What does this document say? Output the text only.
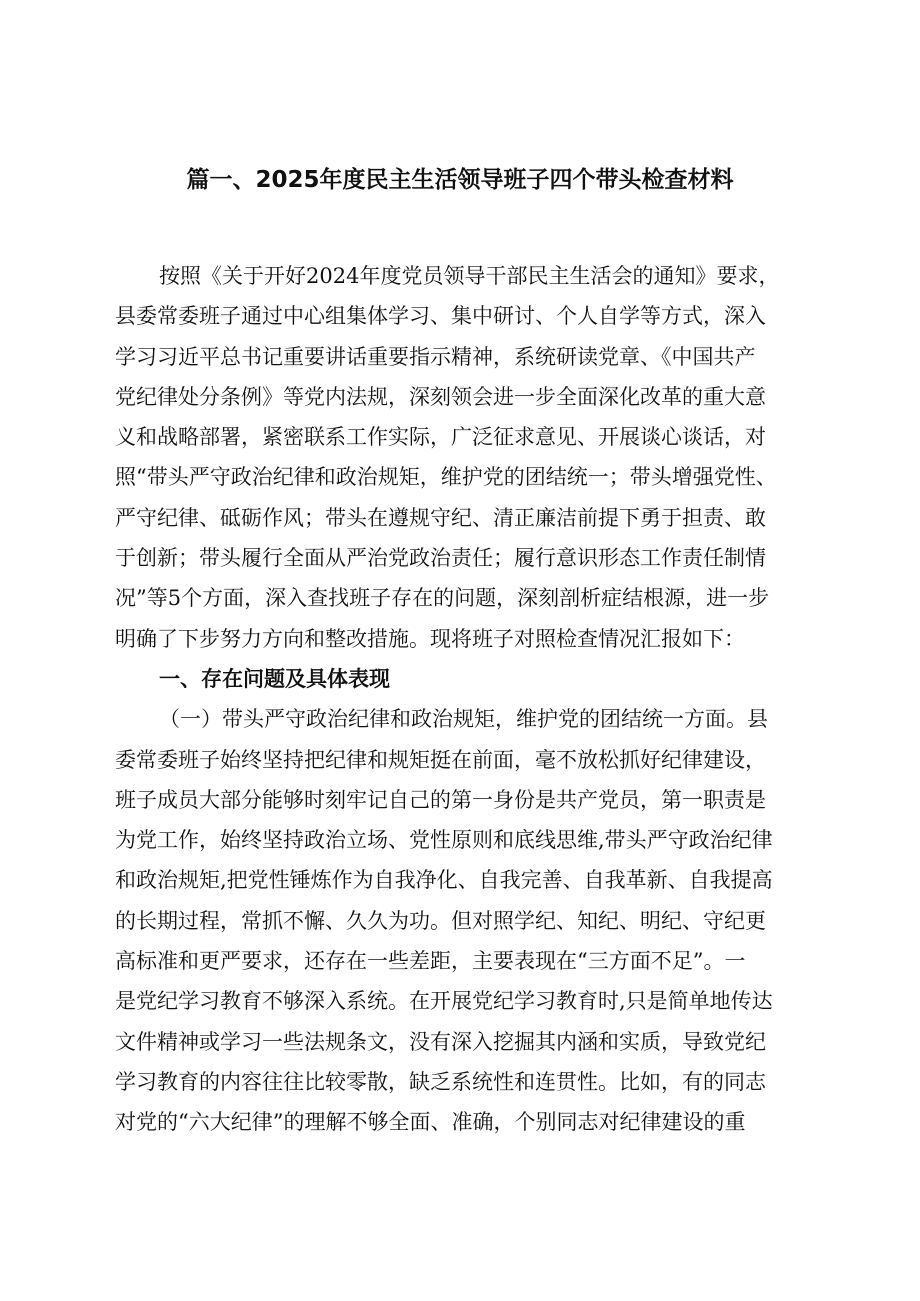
篇一、2025年度民主生活领导班子四个带头检查材料
按照《关于开好2024年度党员领导干部民主生活会的通知》要求，
县委常委班子通过中心组集体学习、集中研讨、个人自学等方式，深入
学习习近平总书记重要讲话重要指示精神，系统研读党章、《中国共产
党纪律处分条例》等党内法规，深刻领会进一步全面深化改革的重大意
义和战略部署，紧密联系工作实际，广泛征求意见、开展谈心谈话，对
照“带头严守政治纪律和政治规矩，维护党的团结统一；带头增强党性、
严守纪律、砥砺作风；带头在遵规守纪、清正廉洁前提下勇于担责、敢
于创新；带头履行全面从严治党政治责任；履行意识形态工作责任制情
况”等5个方面，深入查找班子存在的问题，深刻剖析症结根源，进一步
明确了下步努力方向和整改措施。现将班子对照检查情况汇报如下：
一、存在问题及具体表现
（一）带头严守政治纪律和政治规矩，维护党的团结统一方面。县
委常委班子始终坚持把纪律和规矩挺在前面，毫不放松抓好纪律建设，
班子成员大部分能够时刻牢记自己的第一身份是共产党员，第一职责是
为党工作，始终坚持政治立场、党性原则和底线思维,带头严守政治纪律
和政治规矩,把党性锤炼作为自我净化、自我完善、自我革新、自我提高
的长期过程，常抓不懈、久久为功。但对照学纪、知纪、明纪、守纪更
高标准和更严要求，还存在一些差距，主要表现在“三方面不足”。一
是党纪学习教育不够深入系统。在开展党纪学习教育时,只是简单地传达
文件精神或学习一些法规条文，没有深入挖掘其内涵和实质，导致党纪
学习教育的内容往往比较零散，缺乏系统性和连贯性。比如，有的同志
对党的“六大纪律”的理解不够全面、准确，个别同志对纪律建设的重
